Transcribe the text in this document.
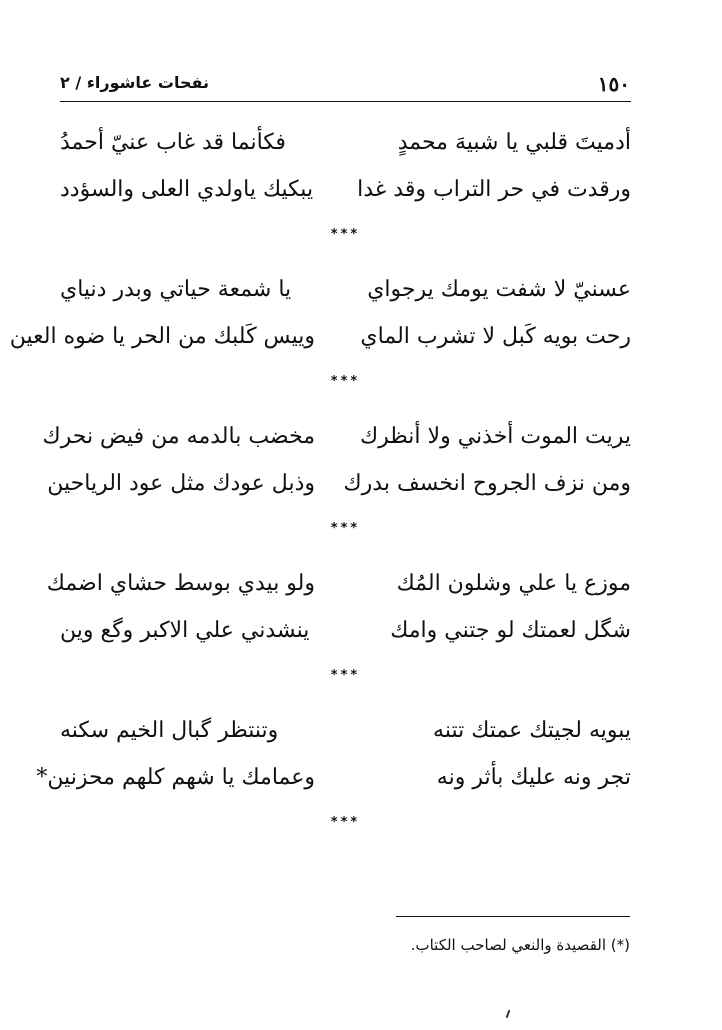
١٥٠
نفحات عاشوراء / ٢
أدميتَ قلبي يا شبيهَ محمدٍ
فكأنما قد غاب عنيّ أحمدُ
ورقدت في حر التراب وقد غدا
يبكيك ياولدي العلى والسؤدد
***
عسنيّ لا شفت يومك يرجواي
يا شمعة حياتي وبدر دنياي
رحت بويه كَبل لا تشرب الماي
وييس كَلبك من الحر يا ضوه العين
***
يريت الموت أخذني ولا أنظرك
مخضب بالدمه من فيض نحرك
ومن نزف الجروح انخسف بدرك
وذبل عودك مثل عود الرياحين
***
موزع يا علي وشلون المُك
ولو بيدي بوسط حشاي اضمك
شگل لعمتك لو جتني وامك
ينشدني علي الاكبر وگع وين
***
يبويه لجيتك عمتك تتنه
وتنتظر گبال الخيم سكنه
تجر ونه عليك بأثر ونه
وعمامك يا شهم كلهم محزنين*
***
(*) القصيدة والنعي لصاحب الكتاب.
